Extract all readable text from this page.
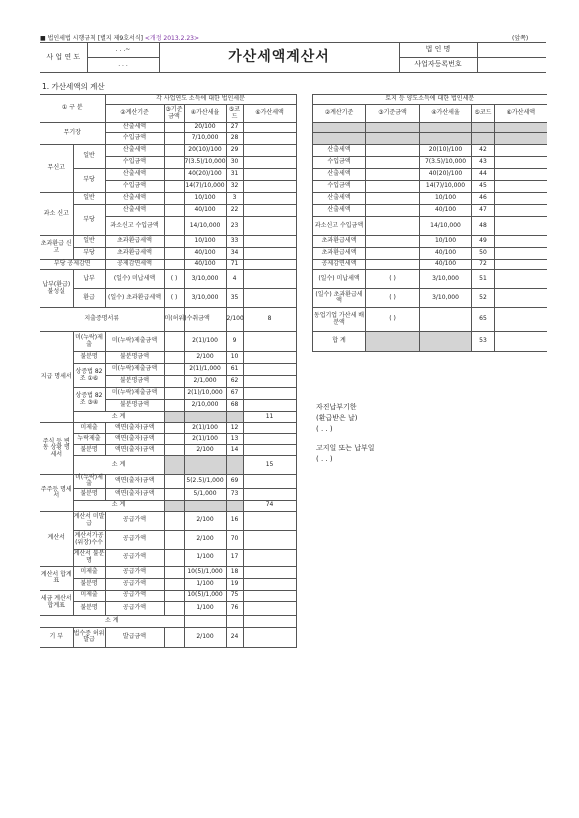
■ 법인세법 시행규칙 [별지 제9호서식] <개정 2013.2.23>	(앞쪽)
사 업 연 도	. . .~	가산세액계산서	법 인 명	
	. . .		사업자등록번호	
1. 가산세액의 계산
① 구 분		각 사업연도 소득에 대한 법인세분					
		②계산기준	③기준금액	④가산세율	⑤코드	⑥가산세액	
무기장		산출세액		20/100	27		
		수입금액		7/10,000	28		
무신고	일반	산출세액		20(10)/100	29		
		수입금액		7(3.5)/10,000	30		
	부당	산출세액		40(20)/100	31		
		수입금액		14(7)/10,000	32		
과소 신고	일반	산출세액		10/100	3		
	부당	산출세액		40/100	22		
		과소신고 수입금액		14/10,000	23		
초과환급 신고	일반	초과환급세액		10/100	33		
	부당	초과환급세액		40/100	34		
부당 공제감면		공제감면세액		40/100	71		
납부(환급) 불성실	납부	(일수) 미납세액	( )	3/10,000	4		
	환급	(일수) 초과환급세액	( )	3/10,000	35		
지출증명서류			미(허위)수취금액		2/100	8	
지급 명세서	미(누락)제출	미(누락)제출금액		2(1)/100	9		
	불분명	불분명금액		2/100	10		
	상증법 82조 ①⑥	미(누락)제출금액		2(1)/1,000	61		
		불분명금액		2/1,000	62		
	상증법 82조 ③④	미(누락)제출금액		2(1)/10,000	67		
		불분명금액		2/10,000	68		
	소 계					11	
주식 등 변동 상황 명세서	미제출	액면(출자)금액		2(1)/100	12		
	누락제출	액면(출자)금액		2(1)/100	13		
	불분명	액면(출자)금액		2/100	14		
	소 계					15	
주주등 명세서	미(누락)제출	액면(출자)금액		5(2.5)/1,000	69		
	불분명	액면(출자)금액		5/1,000	73		
	소 계					74	
계산서	계산서 미발급	공급가액		2/100	16		
	계산서가공 (위장)수수	공급가액		2/100	70		
	계산서 불분명	공급가액		1/100	17		
계산서 합계표	미제출	공급가액		10(5)/1,000	18		
	불분명	공급가액		1/100	19		
세금 계산서 합계표	미제출	공급가액		10(5)/1,000	75		
	불분명	공급가액		1/100	76		
소 계							
기 부	법수증 허위발급	발급금액		2/100	24		
토지 등 양도소득에 대한 법인세분				
②계산기준	③기준금액	④가산세율	⑤코드	⑥가산세액

산출세액		20(10)/100	42	
수입금액		7(3.5)/10,000	43	
산출세액		40(20)/100	44	
수입금액		14(7)/10,000	45	
산출세액		10/100	46	
산출세액		40/100	47	
과소신고 수입금액		14/10,000	48	
초과환급세액		10/100	49	
초과환급세액		40/100	50	
공제감면세액		40/100	72	
(일수) 미납세액	( )	3/10,000	51	
(일수) 초과환급세액	( )	3/10,000	52	
동업기업 가산세 배분액	( )		65	
합 계			53	
자진납부기한
(환급받은 날)
( . . )
고지일 또는 납부일
( . . )
